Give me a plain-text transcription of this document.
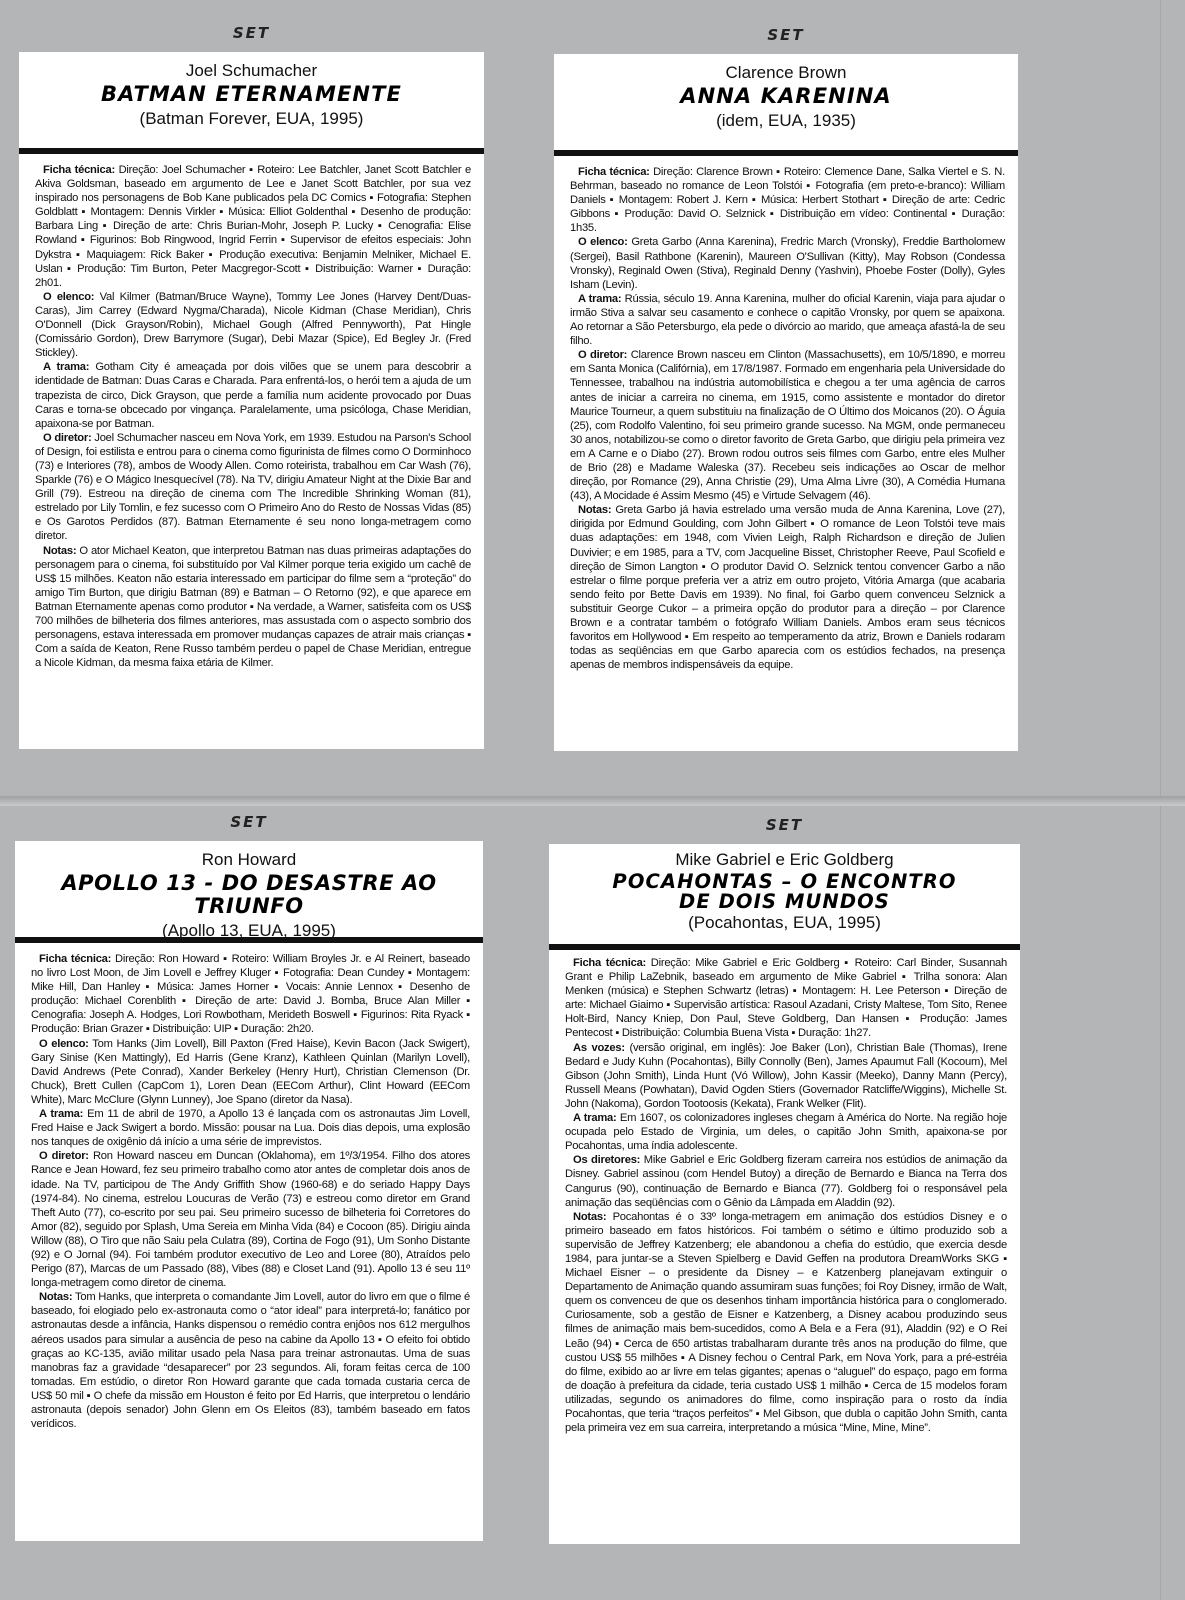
SET
Joel Schumacher
BATMAN ETERNAMENTE
(Batman Forever, EUA, 1995)

Ficha técnica: Direção: Joel Schumacher ▪ Roteiro: Lee Batchler, Janet Scott Batchler e Akiva Goldsman, baseado em argumento de Lee e Janet Scott Batchler, por sua vez inspirado nos personagens de Bob Kane publicados pela DC Comics ▪ Fotografia: Stephen Goldblatt ▪ Montagem: Dennis Virkler ▪ Música: Elliot Goldenthal ▪ Desenho de produção: Barbara Ling ▪ Direção de arte: Chris Burian-Mohr, Joseph P. Lucky ▪ Cenografia: Elise Rowland ▪ Figurinos: Bob Ringwood, Ingrid Ferrin ▪ Supervisor de efeitos especiais: John Dykstra ▪ Maquiagem: Rick Baker ▪ Produção executiva: Benjamin Melniker, Michael E. Uslan ▪ Produção: Tim Burton, Peter Macgregor-Scott ▪ Distribuição: Warner ▪ Duração: 2h01.

O elenco: Val Kilmer (Batman/Bruce Wayne), Tommy Lee Jones (Harvey Dent/Duas-Caras), Jim Carrey (Edward Nygma/Charada), Nicole Kidman (Chase Meridian), Chris O'Donnell (Dick Grayson/Robin), Michael Gough (Alfred Pennyworth), Pat Hingle (Comissário Gordon), Drew Barrymore (Sugar), Debi Mazar (Spice), Ed Begley Jr. (Fred Stickley).

A trama: Gotham City é ameaçada por dois vilões que se unem para descobrir a identidade de Batman: Duas Caras e Charada. Para enfrentá-los, o herói tem a ajuda de um trapezista de circo, Dick Grayson, que perde a família num acidente provocado por Duas Caras e torna-se obcecado por vingança. Paralelamente, uma psicóloga, Chase Meridian, apaixona-se por Batman.

O diretor: Joel Schumacher nasceu em Nova York, em 1939. Estudou na Parson's School of Design, foi estilista e entrou para o cinema como figurinista de filmes como O Dorminhoco (73) e Interiores (78), ambos de Woody Allen. Como roteirista, trabalhou em Car Wash (76), Sparkle (76) e O Mágico Inesquecível (78). Na TV, dirigiu Amateur Night at the Dixie Bar and Grill (79). Estreou na direção de cinema com The Incredible Shrinking Woman (81), estrelado por Lily Tomlin, e fez sucesso com O Primeiro Ano do Resto de Nossas Vidas (85) e Os Garotos Perdidos (87). Batman Eternamente é seu nono longa-metragem como diretor.

Notas: O ator Michael Keaton, que interpretou Batman nas duas primeiras adaptações do personagem para o cinema, foi substituído por Val Kilmer porque teria exigido um cachê de US$ 15 milhões. Keaton não estaria interessado em participar do filme sem a “proteção” do amigo Tim Burton, que dirigiu Batman (89) e Batman – O Retorno (92), e que aparece em Batman Eternamente apenas como produtor ▪ Na verdade, a Warner, satisfeita com os US$ 700 milhões de bilheteria dos filmes anteriores, mas assustada com o aspecto sombrio dos personagens, estava interessada em promover mudanças capazes de atrair mais crianças ▪ Com a saída de Keaton, Rene Russo também perdeu o papel de Chase Meridian, entregue a Nicole Kidman, da mesma faixa etária de Kilmer.

SET
Clarence Brown
ANNA KARENINA
(idem, EUA, 1935)

Ficha técnica: Direção: Clarence Brown ▪ Roteiro: Clemence Dane, Salka Viertel e S. N. Behrman, baseado no romance de Leon Tolstói ▪ Fotografia (em preto-e-branco): William Daniels ▪ Montagem: Robert J. Kern ▪ Música: Herbert Stothart ▪ Direção de arte: Cedric Gibbons ▪ Produção: David O. Selznick ▪ Distribuição em vídeo: Continental ▪ Duração: 1h35.

O elenco: Greta Garbo (Anna Karenina), Fredric March (Vronsky), Freddie Bartholomew (Sergei), Basil Rathbone (Karenin), Maureen O'Sullivan (Kitty), May Robson (Condessa Vronsky), Reginald Owen (Stiva), Reginald Denny (Yashvin), Phoebe Foster (Dolly), Gyles Isham (Levin).

A trama: Rússia, século 19. Anna Karenina, mulher do oficial Karenin, viaja para ajudar o irmão Stiva a salvar seu casamento e conhece o capitão Vronsky, por quem se apaixona. Ao retornar a São Petersburgo, ela pede o divórcio ao marido, que ameaça afastá-la de seu filho.

O diretor: Clarence Brown nasceu em Clinton (Massachusetts), em 10/5/1890, e morreu em Santa Monica (Califórnia), em 17/8/1987. Formado em engenharia pela Universidade do Tennessee, trabalhou na indústria automobilística e chegou a ter uma agência de carros antes de iniciar a carreira no cinema, em 1915, como assistente e montador do diretor Maurice Tourneur, a quem substituiu na finalização de O Último dos Moicanos (20). O Águia (25), com Rodolfo Valentino, foi seu primeiro grande sucesso. Na MGM, onde permaneceu 30 anos, notabilizou-se como o diretor favorito de Greta Garbo, que dirigiu pela primeira vez em A Carne e o Diabo (27). Brown rodou outros seis filmes com Garbo, entre eles Mulher de Brio (28) e Madame Waleska (37). Recebeu seis indicações ao Oscar de melhor direção, por Romance (29), Anna Christie (29), Uma Alma Livre (30), A Comédia Humana (43), A Mocidade é Assim Mesmo (45) e Virtude Selvagem (46).

Notas: Greta Garbo já havia estrelado uma versão muda de Anna Karenina, Love (27), dirigida por Edmund Goulding, com John Gilbert ▪ O romance de Leon Tolstói teve mais duas adaptações: em 1948, com Vivien Leigh, Ralph Richardson e direção de Julien Duvivier; e em 1985, para a TV, com Jacqueline Bisset, Christopher Reeve, Paul Scofield e direção de Simon Langton ▪ O produtor David O. Selznick tentou convencer Garbo a não estrelar o filme porque preferia ver a atriz em outro projeto, Vitória Amarga (que acabaria sendo feito por Bette Davis em 1939). No final, foi Garbo quem convenceu Selznick a substituir George Cukor – a primeira opção do produtor para a direção – por Clarence Brown e a contratar também o fotógrafo William Daniels. Ambos eram seus técnicos favoritos em Hollywood ▪ Em respeito ao temperamento da atriz, Brown e Daniels rodaram todas as seqüências em que Garbo aparecia com os estúdios fechados, na presença apenas de membros indispensáveis da equipe.

SET
Ron Howard
APOLLO 13 - DO DESASTRE AO TRIUNFO
(Apollo 13, EUA, 1995)

Ficha técnica: Direção: Ron Howard ▪ Roteiro: William Broyles Jr. e Al Reinert, baseado no livro Lost Moon, de Jim Lovell e Jeffrey Kluger ▪ Fotografia: Dean Cundey ▪ Montagem: Mike Hill, Dan Hanley ▪ Música: James Horner ▪ Vocais: Annie Lennox ▪ Desenho de produção: Michael Corenblith ▪ Direção de arte: David J. Bomba, Bruce Alan Miller ▪ Cenografia: Joseph A. Hodges, Lori Rowbotham, Merideth Boswell ▪ Figurinos: Rita Ryack ▪ Produção: Brian Grazer ▪ Distribuição: UIP ▪ Duração: 2h20.

O elenco: Tom Hanks (Jim Lovell), Bill Paxton (Fred Haise), Kevin Bacon (Jack Swigert), Gary Sinise (Ken Mattingly), Ed Harris (Gene Kranz), Kathleen Quinlan (Marilyn Lovell), David Andrews (Pete Conrad), Xander Berkeley (Henry Hurt), Christian Clemenson (Dr. Chuck), Brett Cullen (CapCom 1), Loren Dean (EECom Arthur), Clint Howard (EECom White), Marc McClure (Glynn Lunney), Joe Spano (diretor da Nasa).

A trama: Em 11 de abril de 1970, a Apollo 13 é lançada com os astronautas Jim Lovell, Fred Haise e Jack Swigert a bordo. Missão: pousar na Lua. Dois dias depois, uma explosão nos tanques de oxigênio dá início a uma série de imprevistos.

O diretor: Ron Howard nasceu em Duncan (Oklahoma), em 1º/3/1954. Filho dos atores Rance e Jean Howard, fez seu primeiro trabalho como ator antes de completar dois anos de idade. Na TV, participou de The Andy Griffith Show (1960-68) e do seriado Happy Days (1974-84). No cinema, estrelou Loucuras de Verão (73) e estreou como diretor em Grand Theft Auto (77), co-escrito por seu pai. Seu primeiro sucesso de bilheteria foi Corretores do Amor (82), seguido por Splash, Uma Sereia em Minha Vida (84) e Cocoon (85). Dirigiu ainda Willow (88), O Tiro que não Saiu pela Culatra (89), Cortina de Fogo (91), Um Sonho Distante (92) e O Jornal (94). Foi também produtor executivo de Leo and Loree (80), Atraídos pelo Perigo (87), Marcas de um Passado (88), Vibes (88) e Closet Land (91). Apollo 13 é seu 11º longa-metragem como diretor de cinema.

Notas: Tom Hanks, que interpreta o comandante Jim Lovell, autor do livro em que o filme é baseado, foi elogiado pelo ex-astronauta como o “ator ideal” para interpretá-lo; fanático por astronautas desde a infância, Hanks dispensou o remédio contra enjôos nos 612 mergulhos aéreos usados para simular a ausência de peso na cabine da Apollo 13 ▪ O efeito foi obtido graças ao KC-135, avião militar usado pela Nasa para treinar astronautas. Uma de suas manobras faz a gravidade “desaparecer” por 23 segundos. Ali, foram feitas cerca de 100 tomadas. Em estúdio, o diretor Ron Howard garante que cada tomada custaria cerca de US$ 50 mil ▪ O chefe da missão em Houston é feito por Ed Harris, que interpretou o lendário astronauta (depois senador) John Glenn em Os Eleitos (83), também baseado em fatos verídicos.

SET
Mike Gabriel e Eric Goldberg
POCAHONTAS – O ENCONTRO
DE DOIS MUNDOS
(Pocahontas, EUA, 1995)

Ficha técnica: Direção: Mike Gabriel e Eric Goldberg ▪ Roteiro: Carl Binder, Susannah Grant e Philip LaZebnik, baseado em argumento de Mike Gabriel ▪ Trilha sonora: Alan Menken (música) e Stephen Schwartz (letras) ▪ Montagem: H. Lee Peterson ▪ Direção de arte: Michael Giaimo ▪ Supervisão artística: Rasoul Azadani, Cristy Maltese, Tom Sito, Renee Holt-Bird, Nancy Kniep, Don Paul, Steve Goldberg, Dan Hansen ▪ Produção: James Pentecost ▪ Distribuição: Columbia Buena Vista ▪ Duração: 1h27.

As vozes: (versão original, em inglês): Joe Baker (Lon), Christian Bale (Thomas), Irene Bedard e Judy Kuhn (Pocahontas), Billy Connolly (Ben), James Apaumut Fall (Kocoum), Mel Gibson (John Smith), Linda Hunt (Vó Willow), John Kassir (Meeko), Danny Mann (Percy), Russell Means (Powhatan), David Ogden Stiers (Governador Ratcliffe/Wiggins), Michelle St. John (Nakoma), Gordon Tootoosis (Kekata), Frank Welker (Flit).

A trama: Em 1607, os colonizadores ingleses chegam à América do Norte. Na região hoje ocupada pelo Estado de Virginia, um deles, o capitão John Smith, apaixona-se por Pocahontas, uma índia adolescente.

Os diretores: Mike Gabriel e Eric Goldberg fizeram carreira nos estúdios de animação da Disney. Gabriel assinou (com Hendel Butoy) a direção de Bernardo e Bianca na Terra dos Cangurus (90), continuação de Bernardo e Bianca (77). Goldberg foi o responsável pela animação das seqüências com o Gênio da Lâmpada em Aladdin (92).

Notas: Pocahontas é o 33º longa-metragem em animação dos estúdios Disney e o primeiro baseado em fatos históricos. Foi também o sétimo e último produzido sob a supervisão de Jeffrey Katzenberg; ele abandonou a chefia do estúdio, que exercia desde 1984, para juntar-se a Steven Spielberg e David Geffen na produtora DreamWorks SKG ▪ Michael Eisner – o presidente da Disney – e Katzenberg planejavam extinguir o Departamento de Animação quando assumiram suas funções; foi Roy Disney, irmão de Walt, quem os convenceu de que os desenhos tinham importância histórica para o conglomerado. Curiosamente, sob a gestão de Eisner e Katzenberg, a Disney acabou produzindo seus filmes de animação mais bem-sucedidos, como A Bela e a Fera (91), Aladdin (92) e O Rei Leão (94) ▪ Cerca de 650 artistas trabalharam durante três anos na produção do filme, que custou US$ 55 milhões ▪ A Disney fechou o Central Park, em Nova York, para a pré-estréia do filme, exibido ao ar livre em telas gigantes; apenas o “aluguel” do espaço, pago em forma de doação à prefeitura da cidade, teria custado US$ 1 milhão ▪ Cerca de 15 modelos foram utilizadas, segundo os animadores do filme, como inspiração para o rosto da índia Pocahontas, que teria “traços perfeitos” ▪ Mel Gibson, que dubla o capitão John Smith, canta pela primeira vez em sua carreira, interpretando a música “Mine, Mine, Mine”.
